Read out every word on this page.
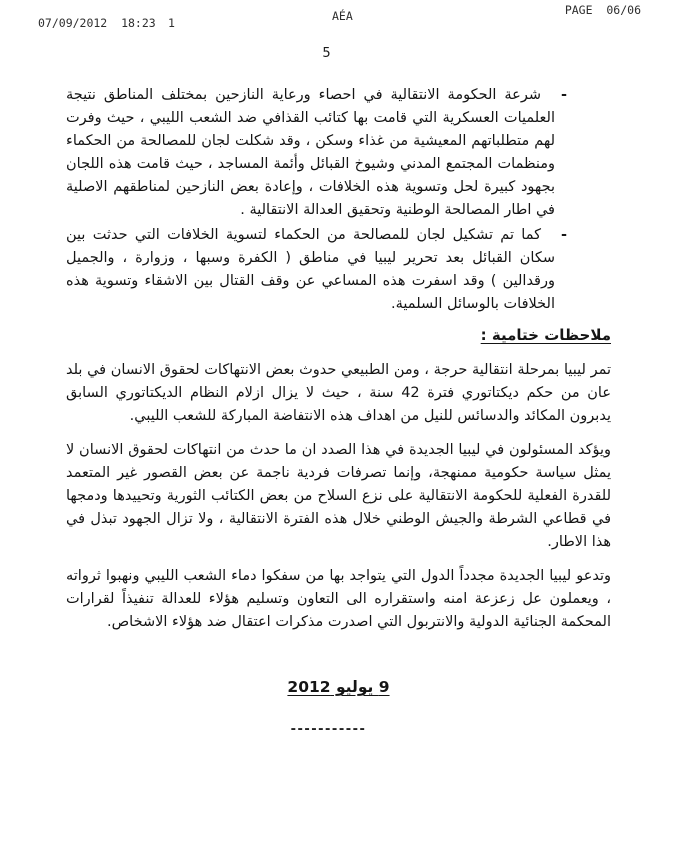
07/09/2012  18:23 1	AÉA	PAGE  06/06
5
-
شرعة الحكومة الانتقالية في احصاء ورعاية النازحين بمختلف المناطق نتيجة العلميات العسكرية التي قامت بها كتائب القذافي ضد الشعب الليبي ، حيث وفرت لهم متطلباتهم المعيشية من غذاء وسكن ، وقد شكلت لجان للمصالحة من الحكماء ومنظمات المجتمع المدني وشيوخ القبائل وأئمة المساجد ، حيث قامت هذه اللجان بجهود كبيرة لحل وتسوية هذه الخلافات ، وإعادة بعض النازحين لمناطقهم الاصلية في اطار المصالحة الوطنية وتحقيق العدالة الانتقالية .
-
كما تم تشكيل لجان للمصالحة من الحكماء لتسوية الخلافات التي حدثت بين سكان القبائل بعد تحرير ليبيا في مناطق ( الكفرة وسبها ، وزوارة ، والجميل ورقدالين ) وقد اسفرت هذه المساعي عن وقف القتال بين الاشقاء وتسوية هذه الخلافات بالوسائل السلمية.
ملاحظات ختامية :

تمر ليبيا بمرحلة انتقالية حرجة ، ومن الطبيعي حدوث بعض الانتهاكات لحقوق الانسان في بلد عان من حكم ديكتاتوري فترة 42 سنة ، حيث لا يزال ازلام النظام الديكتاتوري السابق يدبرون المكائد والدسائس للنيل من اهداف هذه الانتفاضة المباركة للشعب الليبي.

ويؤكد المسئولون في ليبيا الجديدة في هذا الصدد ان ما حدث من انتهاكات لحقوق الانسان لا يمثل سياسة حكومية ممنهجة، وإنما تصرفات فردية ناجمة عن بعض القصور غير المتعمد للقدرة الفعلية للحكومة الانتقالية على نزع السلاح من بعض الكتائب الثورية وتحييدها ودمجها في قطاعي الشرطة والجيش الوطني خلال هذه الفترة الانتقالية ، ولا تزال الجهود تبذل في هذا الاطار.

وتدعو ليبيا الجديدة مجدداً الدول التي يتواجد بها من سفكوا دماء الشعب الليبي ونهبوا ثرواته ، ويعملون عل زعزعة امنه واستقراره الى التعاون وتسليم هؤلاء للعدالة تنفيذاً لقرارات المحكمة الجنائية الدولية والانتربول التي اصدرت مذكرات اعتقال ضد هؤلاء الاشخاص.

9 يوليو 2012
-----------
